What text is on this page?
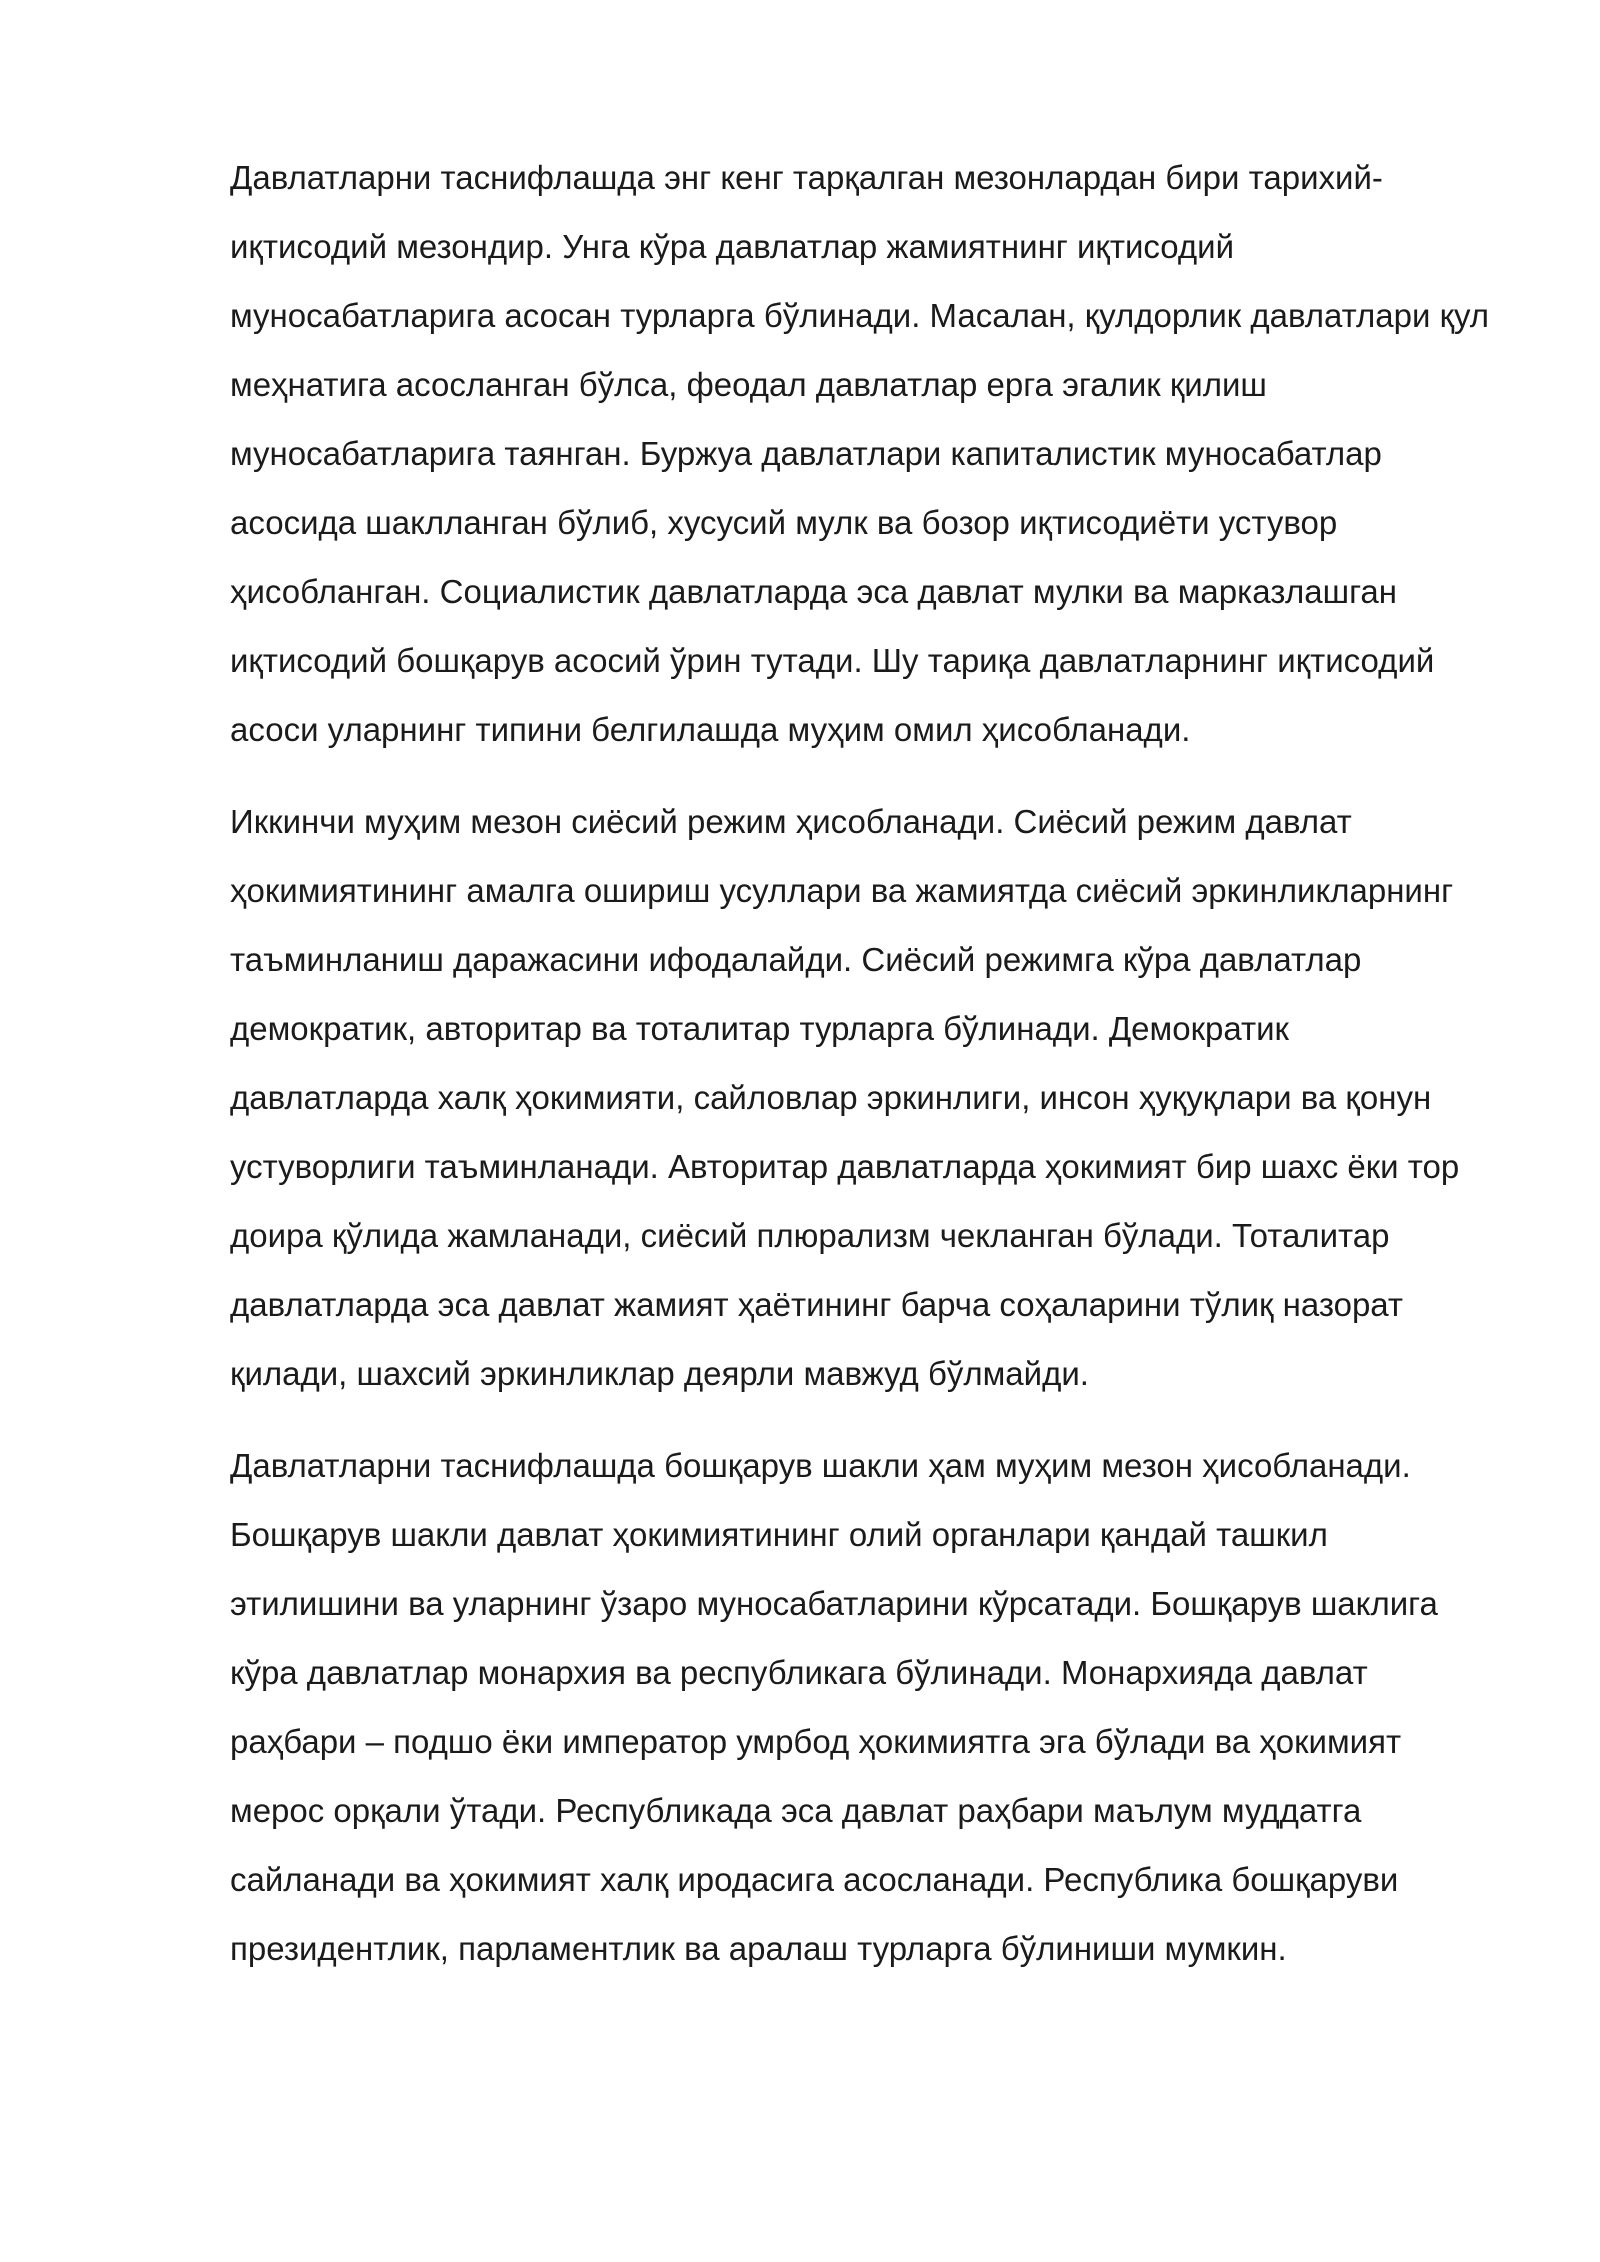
Давлатларни таснифлашда энг кенг тарқалган мезонлардан бири тарихий-иқтисодий мезондир. Унга кўра давлатлар жамиятнинг иқтисодий муносабатларига асосан турларга бўлинади. Масалан, қулдорлик давлатлари қул меҳнатига асосланган бўлса, феодал давлатлар ерга эгалик қилиш муносабатларига таянган. Буржуа давлатлари капиталистик муносабатлар асосида шаклланган бўлиб, хусусий мулк ва бозор иқтисодиёти устувор ҳисобланган. Социалистик давлатларда эса давлат мулки ва марказлашган иқтисодий бошқарув асосий ўрин тутади. Шу тариқа давлатларнинг иқтисодий асоси уларнинг типини белгилашда муҳим омил ҳисобланади.

Иккинчи муҳим мезон сиёсий режим ҳисобланади. Сиёсий режим давлат ҳокимиятининг амалга ошириш усуллари ва жамиятда сиёсий эркинликларнинг таъминланиш даражасини ифодалайди. Сиёсий режимга кўра давлатлар демократик, авторитар ва тоталитар турларга бўлинади. Демократик давлатларда халқ ҳокимияти, сайловлар эркинлиги, инсон ҳуқуқлари ва қонун устуворлиги таъминланади. Авторитар давлатларда ҳокимият бир шахс ёки тор доира қўлида жамланади, сиёсий плюрализм чекланган бўлади. Тоталитар давлатларда эса давлат жамият ҳаётининг барча соҳаларини тўлиқ назорат қилади, шахсий эркинликлар деярли мавжуд бўлмайди.

Давлатларни таснифлашда бошқарув шакли ҳам муҳим мезон ҳисобланади. Бошқарув шакли давлат ҳокимиятининг олий органлари қандай ташкил этилишини ва уларнинг ўзаро муносабатларини кўрсатади. Бошқарув шаклига кўра давлатлар монархия ва республикага бўлинади. Монархияда давлат раҳбари – подшо ёки император умрбод ҳокимиятга эга бўлади ва ҳокимият мерос орқали ўтади. Республикада эса давлат раҳбари маълум муддатга сайланади ва ҳокимият халқ иродасига асосланади. Республика бошқаруви президентлик, парламентлик ва аралаш турларга бўлиниши мумкин.
